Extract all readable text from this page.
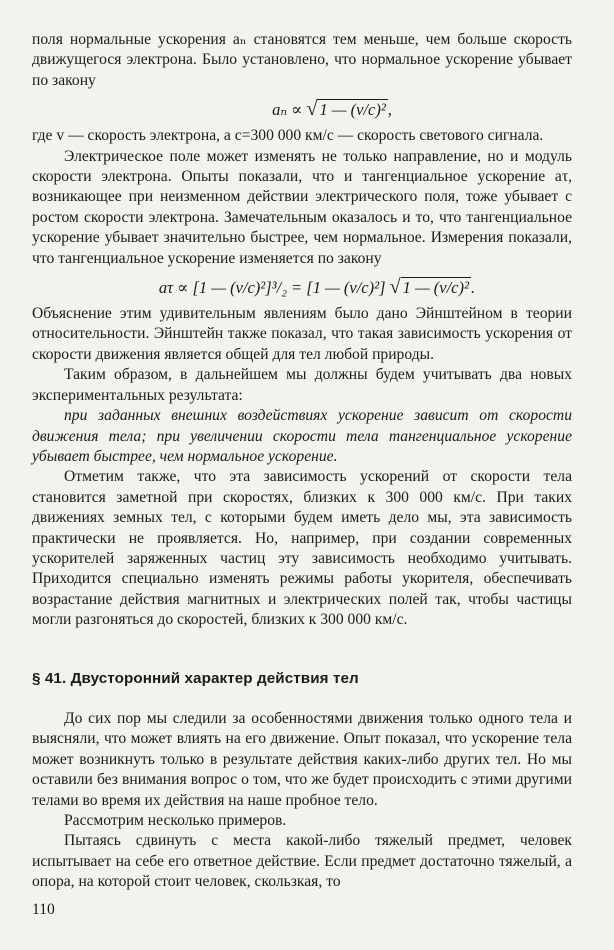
поля нормальные ускорения aₙ становятся тем меньше, чем больше скорость движущегося электрона. Было установлено, что нормальное ускорение убывает по закону

aₙ ∝ √ 1 — (v/c)² ,

где v — скорость электрона, а c=300 000 км/с — скорость светового сигнала.

Электрическое поле может изменять не только направление, но и модуль скорости электрона. Опыты показали, что и тангенциальное ускорение aτ, возникающее при неизменном действии электрического поля, тоже убывает с ростом скорости электрона. Замечательным оказалось и то, что тангенциальное ускорение убывает значительно быстрее, чем нормальное. Измерения показали, что тангенциальное ускорение изменяется по закону

aτ ∝ [1 — (v/c)²]³/₂ = [1 — (v/c)²] √ 1 — (v/c)² .

Объяснение этим удивительным явлениям было дано Эйнштейном в теории относительности. Эйнштейн также показал, что такая зависимость ускорения от скорости движения является общей для тел любой природы.

Таким образом, в дальнейшем мы должны будем учитывать два новых экспериментальных результата:

при заданных внешних воздействиях ускорение зависит от скорости движения тела; при увеличении скорости тела тангенциальное ускорение убывает быстрее, чем нормальное ускорение.

Отметим также, что эта зависимость ускорений от скорости тела становится заметной при скоростях, близких к 300 000 км/с. При таких движениях земных тел, с которыми будем иметь дело мы, эта зависимость практически не проявляется. Но, например, при создании современных ускорителей заряженных частиц эту зависимость необходимо учитывать. Приходится специально изменять режимы работы укорителя, обеспечивать возрастание действия магнитных и электрических полей так, чтобы частицы могли разгоняться до скоростей, близких к 300 000 км/с.

§ 41. Двусторонний характер действия тел

До сих пор мы следили за особенностями движения только одного тела и выясняли, что может влиять на его движение. Опыт показал, что ускорение тела может возникнуть только в результате действия каких-либо других тел. Но мы оставили без внимания вопрос о том, что же будет происходить с этими другими телами во время их действия на наше пробное тело.

Рассмотрим несколько примеров.

Пытаясь сдвинуть с места какой-либо тяжелый предмет, человек испытывает на себе его ответное действие. Если предмет достаточно тяжелый, а опора, на которой стоит человек, скользкая, то

110
